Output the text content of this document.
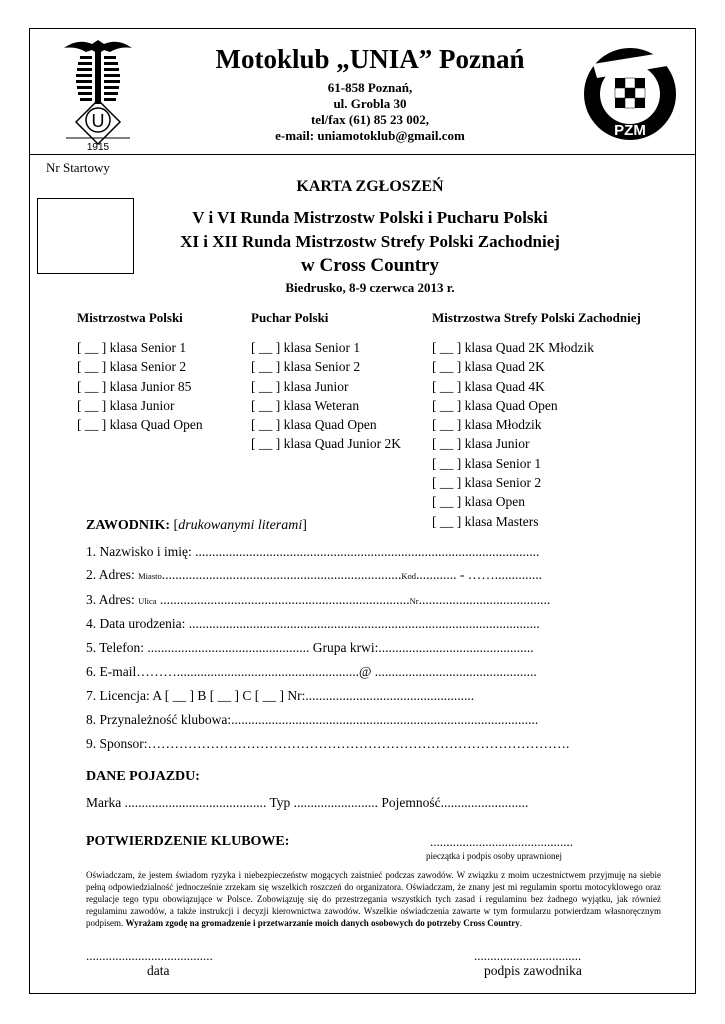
U
1915
PZM
Motoklub „UNIA” Poznań
61-858 Poznań,
ul. Grobla 30
tel/fax (61) 85 23 002,
e-mail: uniamotoklub@gmail.com
Nr Startowy
KARTA ZGŁOSZEŃ
V i VI Runda Mistrzostw Polski i Pucharu Polski
XI i XII Runda Mistrzostw Strefy Polski Zachodniej
w Cross Country
Biedrusko, 8-9 czerwca 2013 r.
Mistrzostwa Polski
[ __ ] klasa Senior 1
[ __ ] klasa Senior 2
[ __ ] klasa Junior 85
[ __ ] klasa Junior
[ __ ] klasa Quad Open
Puchar Polski
[ __ ] klasa Senior 1
[ __ ] klasa Senior 2
[ __ ] klasa Junior
[ __ ] klasa Weteran
[ __ ] klasa Quad Open
[ __ ] klasa Quad Junior 2K
Mistrzostwa Strefy Polski Zachodniej
[ __ ] klasa Quad 2K Młodzik
[ __ ] klasa Quad 2K
[ __ ] klasa Quad 4K
[ __ ] klasa Quad Open
[ __ ] klasa Młodzik
[ __ ] klasa Junior
[ __ ] klasa Senior 1
[ __ ] klasa Senior 2
[ __ ] klasa Open
[ __ ] klasa Masters
ZAWODNIK: [drukowanymi literami]
1. Nazwisko i imię: ......................................................................................................
2. Adres: Miasto.......................................................................Kod............ - ……..............
3. Adres: Ulica ..........................................................................Nr.......................................
4. Data urodzenia: ........................................................................................................
5. Telefon: ................................................ Grupa krwi:..............................................
6. E-mail………......................................................@ ................................................
7. Licencja: A [ __ ] B [ __ ] C [ __ ] Nr:..................................................
8. Przynależność klubowa:...........................................................................................
9. Sponsor:………………………………………………………………………………….
DANE POJAZDU:
Marka .......................................... Typ ......................... Pojemność..........................
POTWIERDZENIE KLUBOWE:	............................................
pieczątka i podpis osoby uprawnionej
Oświadczam, że jestem świadom ryzyka i niebezpieczeństw mogących zaistnieć podczas zawodów. W związku z moim uczestnictwem przyjmuję na siebie pełną odpowiedzialność jednocześnie zrzekam się wszelkich roszczeń do organizatora. Oświadczam, że znany jest mi regulamin sportu motocyklowego oraz regulacje tego typu obowiązujące w Polsce. Zobowiązuję się do przestrzegania wszystkich tych zasad i regulaminu bez żadnego wyjątku, jak również regulaminu zawodów, a także instrukcji i decyzji kierownictwa zawodów. Wszelkie oświadczenia zawarte w tym formularzu potwierdzam własnoręcznym podpisem. Wyrażam zgodę na gromadzenie i przetwarzanie moich danych osobowych do potrzeby Cross Country.
.......................................
data
.................................
podpis zawodnika
